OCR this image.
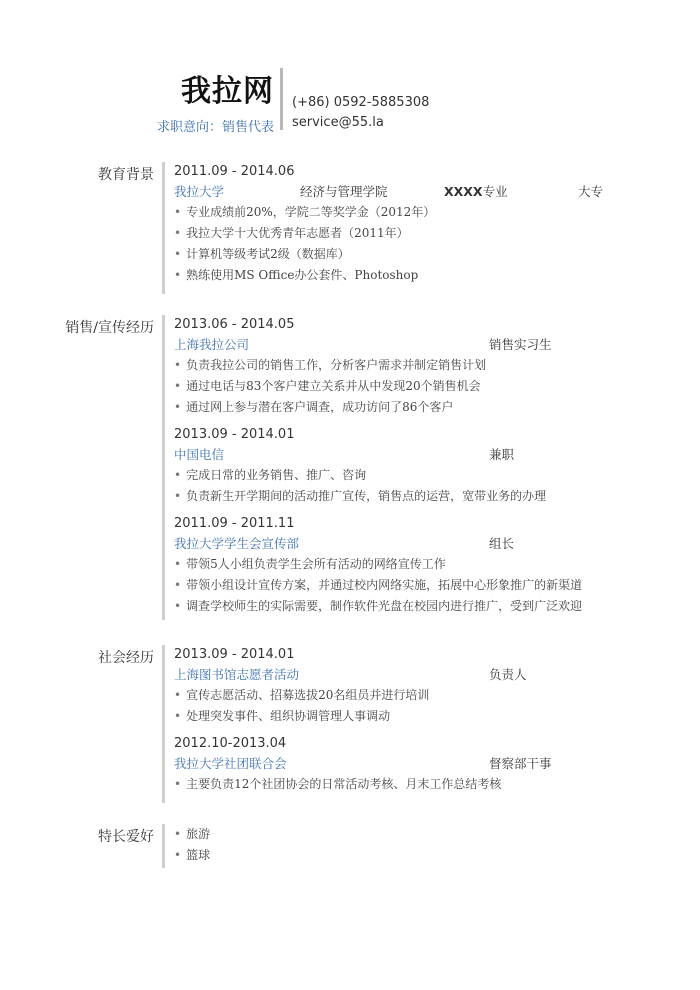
我拉网
求职意向：销售代表
(+86) 0592-5885308
service@55.la
教育背景 2011.09 - 2014.06
我拉大学	经济与管理学院	XXXX专业	大专
• 专业成绩前20%，学院二等奖学金（2012年）
• 我拉大学十大优秀青年志愿者（2011年）
• 计算机等级考试2级（数据库）
• 熟练使用MS Office办公套件、Photoshop
销售/宣传经历 2013.06 - 2014.05
上海我拉公司	销售实习生
• 负责我拉公司的销售工作，分析客户需求并制定销售计划
• 通过电话与83个客户建立关系并从中发现20个销售机会
• 通过网上参与潜在客户调查，成功访问了86个客户
2013.09 - 2014.01
中国电信	兼职
• 完成日常的业务销售、推广、咨询
• 负责新生开学期间的活动推广宣传，销售点的运营，宽带业务的办理
2011.09 - 2011.11
我拉大学学生会宣传部	组长
• 带领5人小组负责学生会所有活动的网络宣传工作
• 带领小组设计宣传方案，并通过校内网络实施，拓展中心形象推广的新渠道
• 调查学校师生的实际需要，制作软件光盘在校园内进行推广，受到广泛欢迎
社会经历 2013.09 - 2014.01
上海图书馆志愿者活动	负责人
• 宣传志愿活动、招募选拔20名组员并进行培训
• 处理突发事件、组织协调管理人事调动
2012.10-2013.04
我拉大学社团联合会	督察部干事
• 主要负责12个社团协会的日常活动考核、月末工作总结考核
特长爱好
•	旅游
• 篮球
